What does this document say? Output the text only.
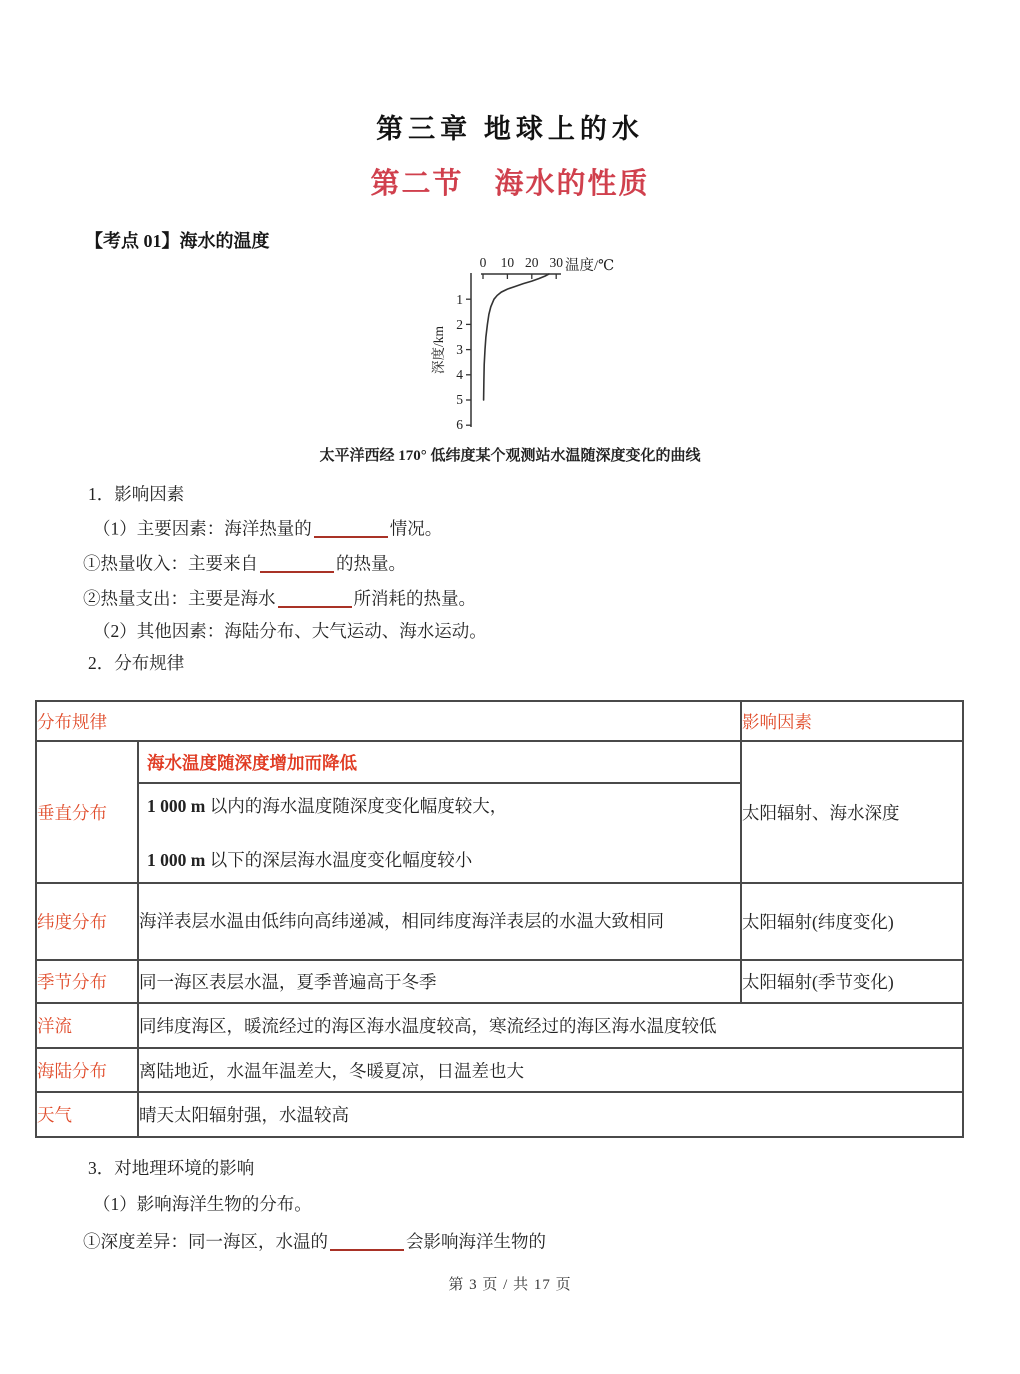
第三章 地球上的水
第二节　海水的性质
【考点 01】海水的温度
0 10 20 30 温度/℃
1
2
3
4
5
6
深度/km
太平洋西经 170° 低纬度某个观测站水温随深度变化的曲线
1．影响因素
（1）主要因素：海洋热量的	情况。
①热量收入：主要来自	的热量。
②热量支出：主要是海水	所消耗的热量。
（2）其他因素：海陆分布、大气运动、海水运动。
2．分布规律
分布规律		影响因素
垂直分布	海水温度随深度增加而降低
1 000 m 以内的海水温度随深度变化幅度较大，
1 000 m 以下的深层海水温度变化幅度较小	太阳辐射、海水深度
纬度分布	海洋表层水温由低纬向高纬递减，相同纬度海洋表层的水温大致相同	太阳辐射(纬度变化)
季节分布	同一海区表层水温，夏季普遍高于冬季	太阳辐射(季节变化)
洋流	同纬度海区，暖流经过的海区海水温度较高，寒流经过的海区海水温度较低	
海陆分布	离陆地近，水温年温差大，冬暖夏凉，日温差也大	
天气	晴天太阳辐射强，水温较高	
3．对地理环境的影响
（1）影响海洋生物的分布。
①深度差异：同一海区，水温的	会影响海洋生物的
第 3 页 / 共 17 页
